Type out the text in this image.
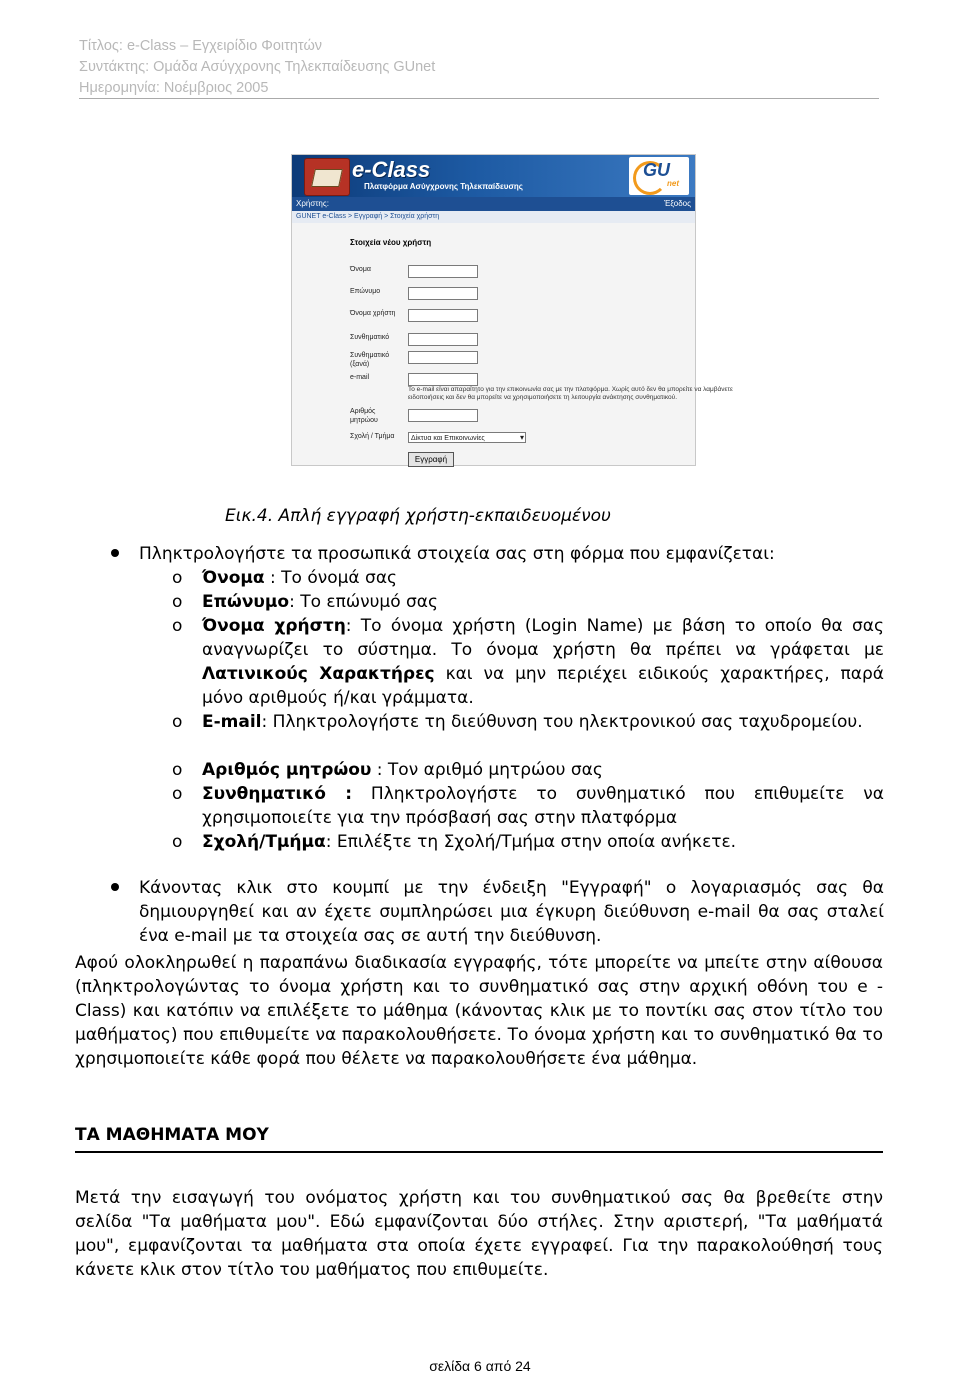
Τίτλος: e-Class – Εγχειρίδιο Φοιτητών
Συντάκτης: Ομάδα Ασύγχρονης Τηλεκπαίδευσης GUnet
Ημερομηνία: Νοέμβριος 2005
e-Class
Πλατφόρμα Ασύγχρονης Τηλεκπαίδευσης
GU
net
Χρήστης:	Έξοδος
GUNET e-Class > Εγγραφή > Στοιχεία χρήστη
Στοιχεία νέου χρήστη
Όνομα
Επώνυμο
Όνομα χρήστη
Συνθηματικό
Συνθηματικό (ξανά)
e-mail
Το e-mail είναι απαραίτητο για την επικοινωνία σας με την πλατφόρμα. Χωρίς αυτό δεν θα μπορείτε να λαμβάνετε ειδοποιήσεις και δεν θα μπορείτε να χρησιμοποιήσετε τη λειτουργία ανάκτησης συνθηματικού.
Αριθμός μητρώου
Σχολή / Τμήμα	Δίκτυα και Επικοινωνίες ▾
Εγγραφή
Εικ.4. Απλή εγγραφή χρήστη-εκπαιδευομένου
Πληκτρολογήστε τα προσωπικά στοιχεία σας στη φόρμα που εμφανίζεται:
o Όνομα : Το όνομά σας
o Επώνυμο: Το επώνυμό σας
o Όνομα χρήστη: Το όνομα χρήστη (Login Name) με βάση το οποίο θα σας αναγνωρίζει το σύστημα. Το όνομα χρήστη θα πρέπει να γράφεται με Λατινικούς Χαρακτήρες και να μην περιέχει ειδικούς χαρακτήρες, παρά μόνο αριθμούς ή/και γράμματα.
o E-mail: Πληκτρολογήστε τη διεύθυνση του ηλεκτρονικού σας ταχυδρομείου.
o Αριθμός μητρώου : Τον αριθμό μητρώου σας
o Συνθηματικό : Πληκτρολογήστε το συνθηματικό που επιθυμείτε να χρησιμοποιείτε για την πρόσβασή σας στην πλατφόρμα
o Σχολή/Τμήμα: Επιλέξτε τη Σχολή/Τμήμα στην οποία ανήκετε.
Κάνοντας κλικ στο κουμπί με την ένδειξη "Εγγραφή" ο λογαριασμός σας θα δημιουργηθεί και αν έχετε συμπληρώσει μια έγκυρη διεύθυνση e-mail θα σας σταλεί ένα e-mail με τα στοιχεία σας σε αυτή την διεύθυνση.
Αφού ολοκληρωθεί η παραπάνω διαδικασία εγγραφής, τότε μπορείτε να μπείτε στην αίθουσα (πληκτρολογώντας το όνομα χρήστη και το συνθηματικό σας στην αρχική οθόνη του e -Class) και κατόπιν να επιλέξετε το μάθημα (κάνοντας κλικ με το ποντίκι σας στον τίτλο του μαθήματος) που επιθυμείτε να παρακολουθήσετε. Το όνομα χρήστη και το συνθηματικό θα το χρησιμοποιείτε κάθε φορά που θέλετε να παρακολουθήσετε ένα μάθημα.
ΤΑ ΜΑΘΗΜΑΤΑ ΜΟΥ
Μετά την εισαγωγή του ονόματος χρήστη και του συνθηματικού σας θα βρεθείτε στην σελίδα "Τα μαθήματα μου". Εδώ εμφανίζονται δύο στήλες. Στην αριστερή, "Τα μαθήματά μου", εμφανίζονται τα μαθήματα στα οποία έχετε εγγραφεί. Για την παρακολούθησή τους κάνετε κλικ στον τίτλο του μαθήματος που επιθυμείτε.
σελίδα 6 από 24
